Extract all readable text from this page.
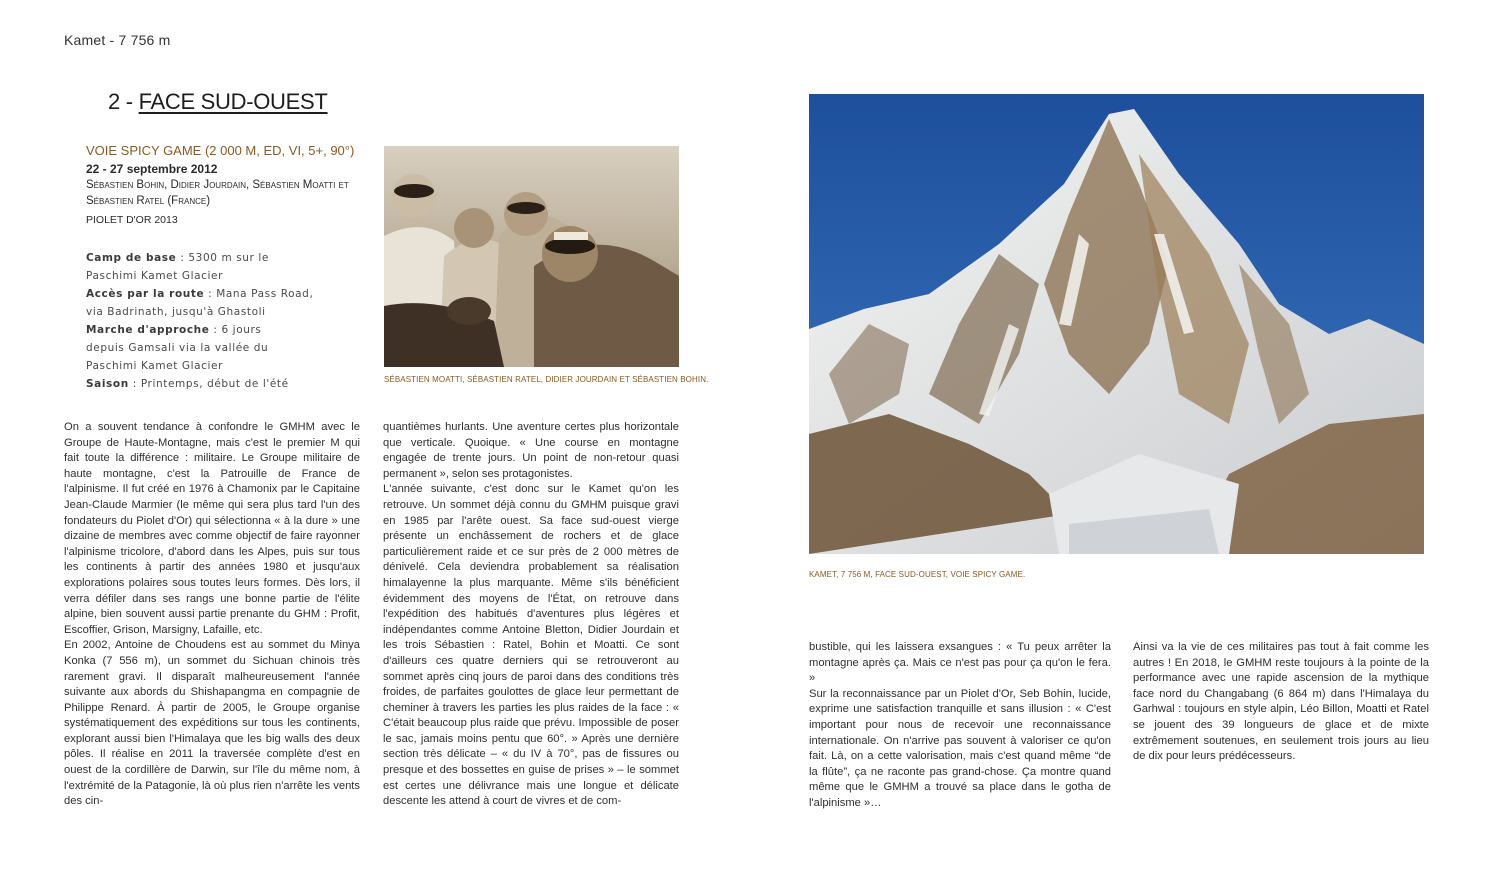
Kamet - 7 756 m
2 - FACE SUD-OUEST
VOIE SPICY GAME (2 000 M, ED, VI, 5+, 90°)
22 - 27 septembre 2012
Sébastien Bohin, Didier Jourdain, Sébastien Moatti et
Sébastien Ratel (France)
PIOLET D'OR 2013
Camp de base : 5300 m sur le
Paschimi Kamet Glacier
Accès par la route : Mana Pass Road,
via Badrinath, jusqu'à Ghastoli
Marche d'approche : 6 jours
depuis Gamsali via la vallée du
Paschimi Kamet Glacier
Saison : Printemps, début de l'été	SÉBASTIEN MOATTI, SÉBASTIEN RATEL, DIDIER JOURDAIN ET SÉBASTIEN BOHIN.
KAMET, 7 756 M, FACE SUD-OUEST, VOIE SPICY GAME.

On a souvent tendance à confondre le GMHM avec le Groupe de Haute-Montagne, mais c'est le premier M qui fait toute la différence : militaire. Le Groupe militaire de haute montagne, c'est la Patrouille de France de l'alpinisme. Il fut créé en 1976 à Chamonix par le Capitaine Jean-Claude Marmier (le même qui sera plus tard l'un des fondateurs du Piolet d'Or) qui sélectionna « à la dure » une dizaine de membres avec comme objectif de faire rayonner l'alpinisme tricolore, d'abord dans les Alpes, puis sur tous les continents à partir des années 1980 et jusqu'aux explorations polaires sous toutes leurs formes. Dès lors, il verra défiler dans ses rangs une bonne partie de l'élite alpine, bien souvent aussi partie prenante du GHM : Profit, Escoffier, Grison, Marsigny, Lafaille, etc.

En 2002, Antoine de Choudens est au sommet du Minya Konka (7 556 m), un sommet du Sichuan chinois très rarement gravi. Il disparaît malheureusement l'année suivante aux abords du Shishapangma en compagnie de Philippe Renard. À partir de 2005, le Groupe organise systématiquement des expéditions sur tous les continents, explorant aussi bien l'Himalaya que les big walls des deux pôles. Il réalise en 2011 la traversée complète d'est en ouest de la cordillère de Darwin, sur l'île du même nom, à l'extrémité de la Patagonie, là où plus rien n'arrête les vents des cin-

quantièmes hurlants. Une aventure certes plus horizontale que verticale. Quoique. « Une course en montagne engagée de trente jours. Un point de non-retour quasi permanent », selon ses protagonistes.

L'année suivante, c'est donc sur le Kamet qu'on les retrouve. Un sommet déjà connu du GMHM puisque gravi en 1985 par l'arête ouest. Sa face sud-ouest vierge présente un enchâssement de rochers et de glace particulièrement raide et ce sur près de 2 000 mètres de dénivelé. Cela deviendra probablement sa réalisation himalayenne la plus marquante. Même s'ils bénéficient évidemment des moyens de l'État, on retrouve dans l'expédition des habitués d'aventures plus légères et indépendantes comme Antoine Bletton, Didier Jourdain et les trois Sébastien : Ratel, Bohin et Moatti. Ce sont d'ailleurs ces quatre derniers qui se retrouveront au sommet après cinq jours de paroi dans des conditions très froides, de parfaites goulottes de glace leur permettant de cheminer à travers les parties les plus raides de la face : « C'était beaucoup plus raide que prévu. Impossible de poser le sac, jamais moins pentu que 60°. » Après une dernière section très délicate – « du IV à 70°, pas de fissures ou presque et des bossettes en guise de prises » – le sommet est certes une délivrance mais une longue et délicate descente les attend à court de vivres et de com-

bustible, qui les laissera exsangues : « Tu peux arrêter la montagne après ça. Mais ce n'est pas pour ça qu'on le fera. »

Sur la reconnaissance par un Piolet d'Or, Seb Bohin, lucide, exprime une satisfaction tranquille et sans illusion : « C'est important pour nous de recevoir une reconnaissance internationale. On n'arrive pas souvent à valoriser ce qu'on fait. Là, on a cette valorisation, mais c'est quand même “de la flûte”, ça ne raconte pas grand-chose. Ça montre quand même que le GMHM a trouvé sa place dans le gotha de l'alpinisme »…

Ainsi va la vie de ces militaires pas tout à fait comme les autres ! En 2018, le GMHM reste toujours à la pointe de la performance avec une rapide ascension de la mythique face nord du Changabang (6 864 m) dans l'Himalaya du Garhwal : toujours en style alpin, Léo Billon, Moatti et Ratel se jouent des 39 longueurs de glace et de mixte extrêmement soutenues, en seulement trois jours au lieu de dix pour leurs prédécesseurs.
